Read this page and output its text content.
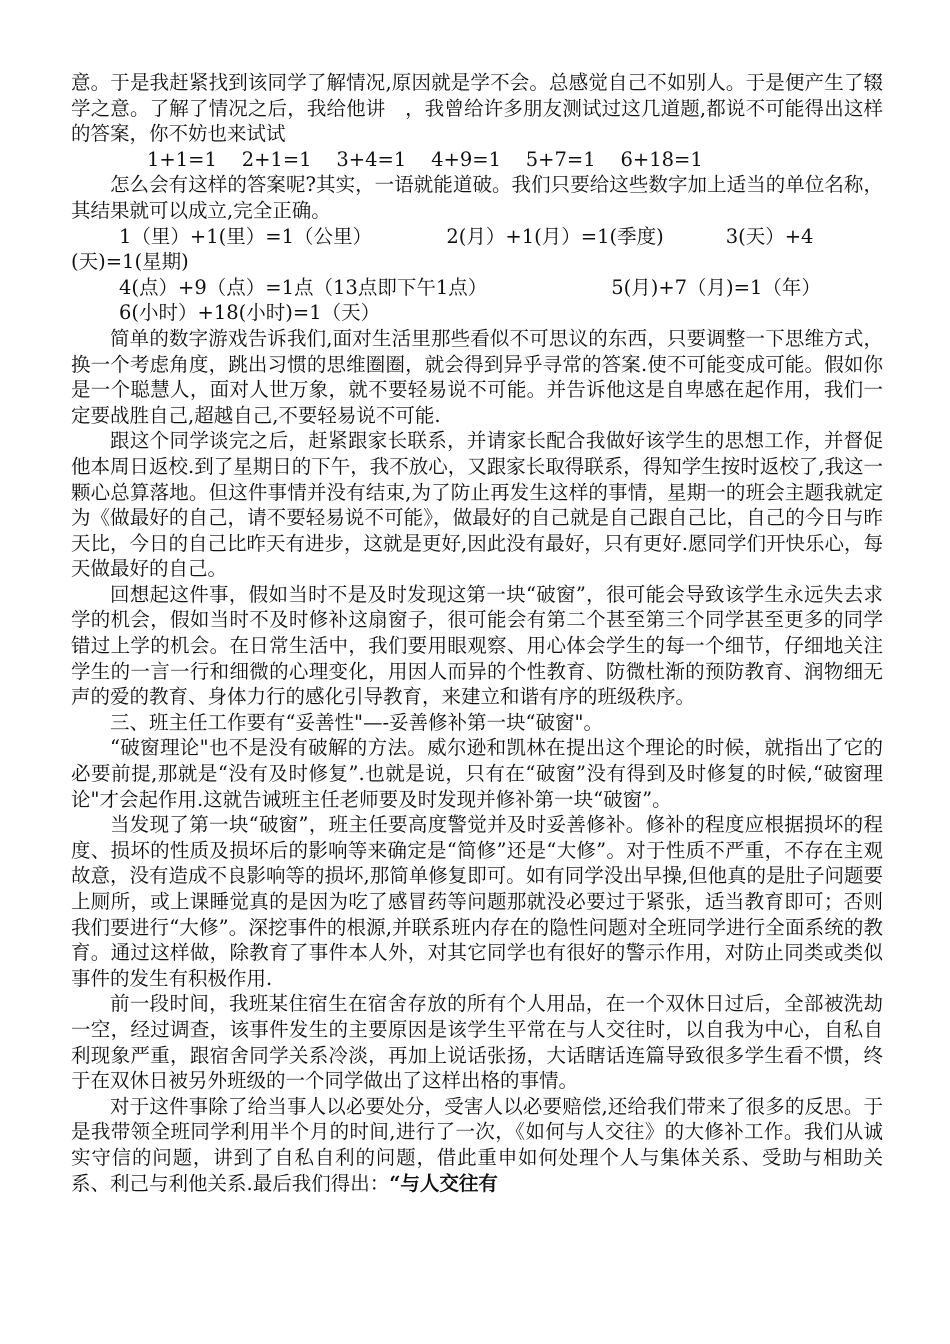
意。于是我赶紧找到该同学了解情况,原因就是学不会。总感觉自己不如别人。于是便产生了辍学之意。了解了情况之后，我给他讲　，我曾给许多朋友测试过这几道题,都说不可能得出这样的答案，你不妨也来试试

1+1=1    2+1=1    3+4=1    4+9=1    5+7=1    6+18=1

怎么会有这样的答案呢?其实，一语就能道破。我们只要给这些数字加上适当的单位名称，其结果就可以成立,完全正确。

1（里）+1(里）=1（公里）            2(月）+1(月）=1(季度)          3(天）+4

(天)=1(星期)

4(点）+9（点）=1点（13点即下午1点）                    5(月)+7（月)=1（年）

6(小时）+18(小时)=1（天）

简单的数字游戏告诉我们,面对生活里那些看似不可思议的东西，只要调整一下思维方式，换一个考虑角度，跳出习惯的思维圈圈，就会得到异乎寻常的答案.使不可能变成可能。假如你是一个聪慧人，面对人世万象，就不要轻易说不可能。并告诉他这是自卑感在起作用，我们一定要战胜自己,超越自己,不要轻易说不可能.

跟这个同学谈完之后，赶紧跟家长联系，并请家长配合我做好该学生的思想工作，并督促他本周日返校.到了星期日的下午，我不放心，又跟家长取得联系，得知学生按时返校了,我这一颗心总算落地。但这件事情并没有结束,为了防止再发生这样的事情，星期一的班会主题我就定为《做最好的自己，请不要轻易说不可能》，做最好的自己就是自己跟自己比，自己的今日与昨天比，今日的自己比昨天有进步，这就是更好,因此没有最好，只有更好.愿同学们开快乐心，每天做最好的自己。

回想起这件事，假如当时不是及时发现这第一块“破窗”，很可能会导致该学生永远失去求学的机会，假如当时不及时修补这扇窗子，很可能会有第二个甚至第三个同学甚至更多的同学错过上学的机会。在日常生活中，我们要用眼观察、用心体会学生的每一个细节，仔细地关注学生的一言一行和细微的心理变化，用因人而异的个性教育、防微杜渐的预防教育、润物细无声的爱的教育、身体力行的感化引导教育，来建立和谐有序的班级秩序。

三、班主任工作要有“妥善性"—-妥善修补第一块“破窗"。

“破窗理论"也不是没有破解的方法。威尔逊和凯林在提出这个理论的时候，就指出了它的必要前提,那就是“没有及时修复”.也就是说，只有在“破窗”没有得到及时修复的时候,“破窗理论"才会起作用.这就告诫班主任老师要及时发现并修补第一块“破窗”。

当发现了第一块“破窗”，班主任要高度警觉并及时妥善修补。修补的程度应根据损坏的程度、损坏的性质及损坏后的影响等来确定是“简修”还是“大修”。对于性质不严重，不存在主观故意，没有造成不良影响等的损坏,那简单修复即可。如有同学没出早操,但他真的是肚子问题要上厕所，或上课睡觉真的是因为吃了感冒药等问题那就没必要过于紧张，适当教育即可；否则我们要进行“大修”。深挖事件的根源,并联系班内存在的隐性问题对全班同学进行全面系统的教育。通过这样做，除教育了事件本人外，对其它同学也有很好的警示作用，对防止同类或类似事件的发生有积极作用.

前一段时间，我班某住宿生在宿舍存放的所有个人用品，在一个双休日过后，全部被洗劫一空，经过调查，该事件发生的主要原因是该学生平常在与人交往时，以自我为中心，自私自利现象严重，跟宿舍同学关系冷淡，再加上说话张扬，大话瞎话连篇导致很多学生看不惯，终于在双休日被另外班级的一个同学做出了这样出格的事情。

对于这件事除了给当事人以必要处分，受害人以必要赔偿,还给我们带来了很多的反思。于是我带领全班同学利用半个月的时间,进行了一次，《如何与人交往》的大修补工作。我们从诚实守信的问题，讲到了自私自利的问题，借此重申如何处理个人与集体关系、受助与相助关系、利己与利他关系.最后我们得出：“与人交往有
